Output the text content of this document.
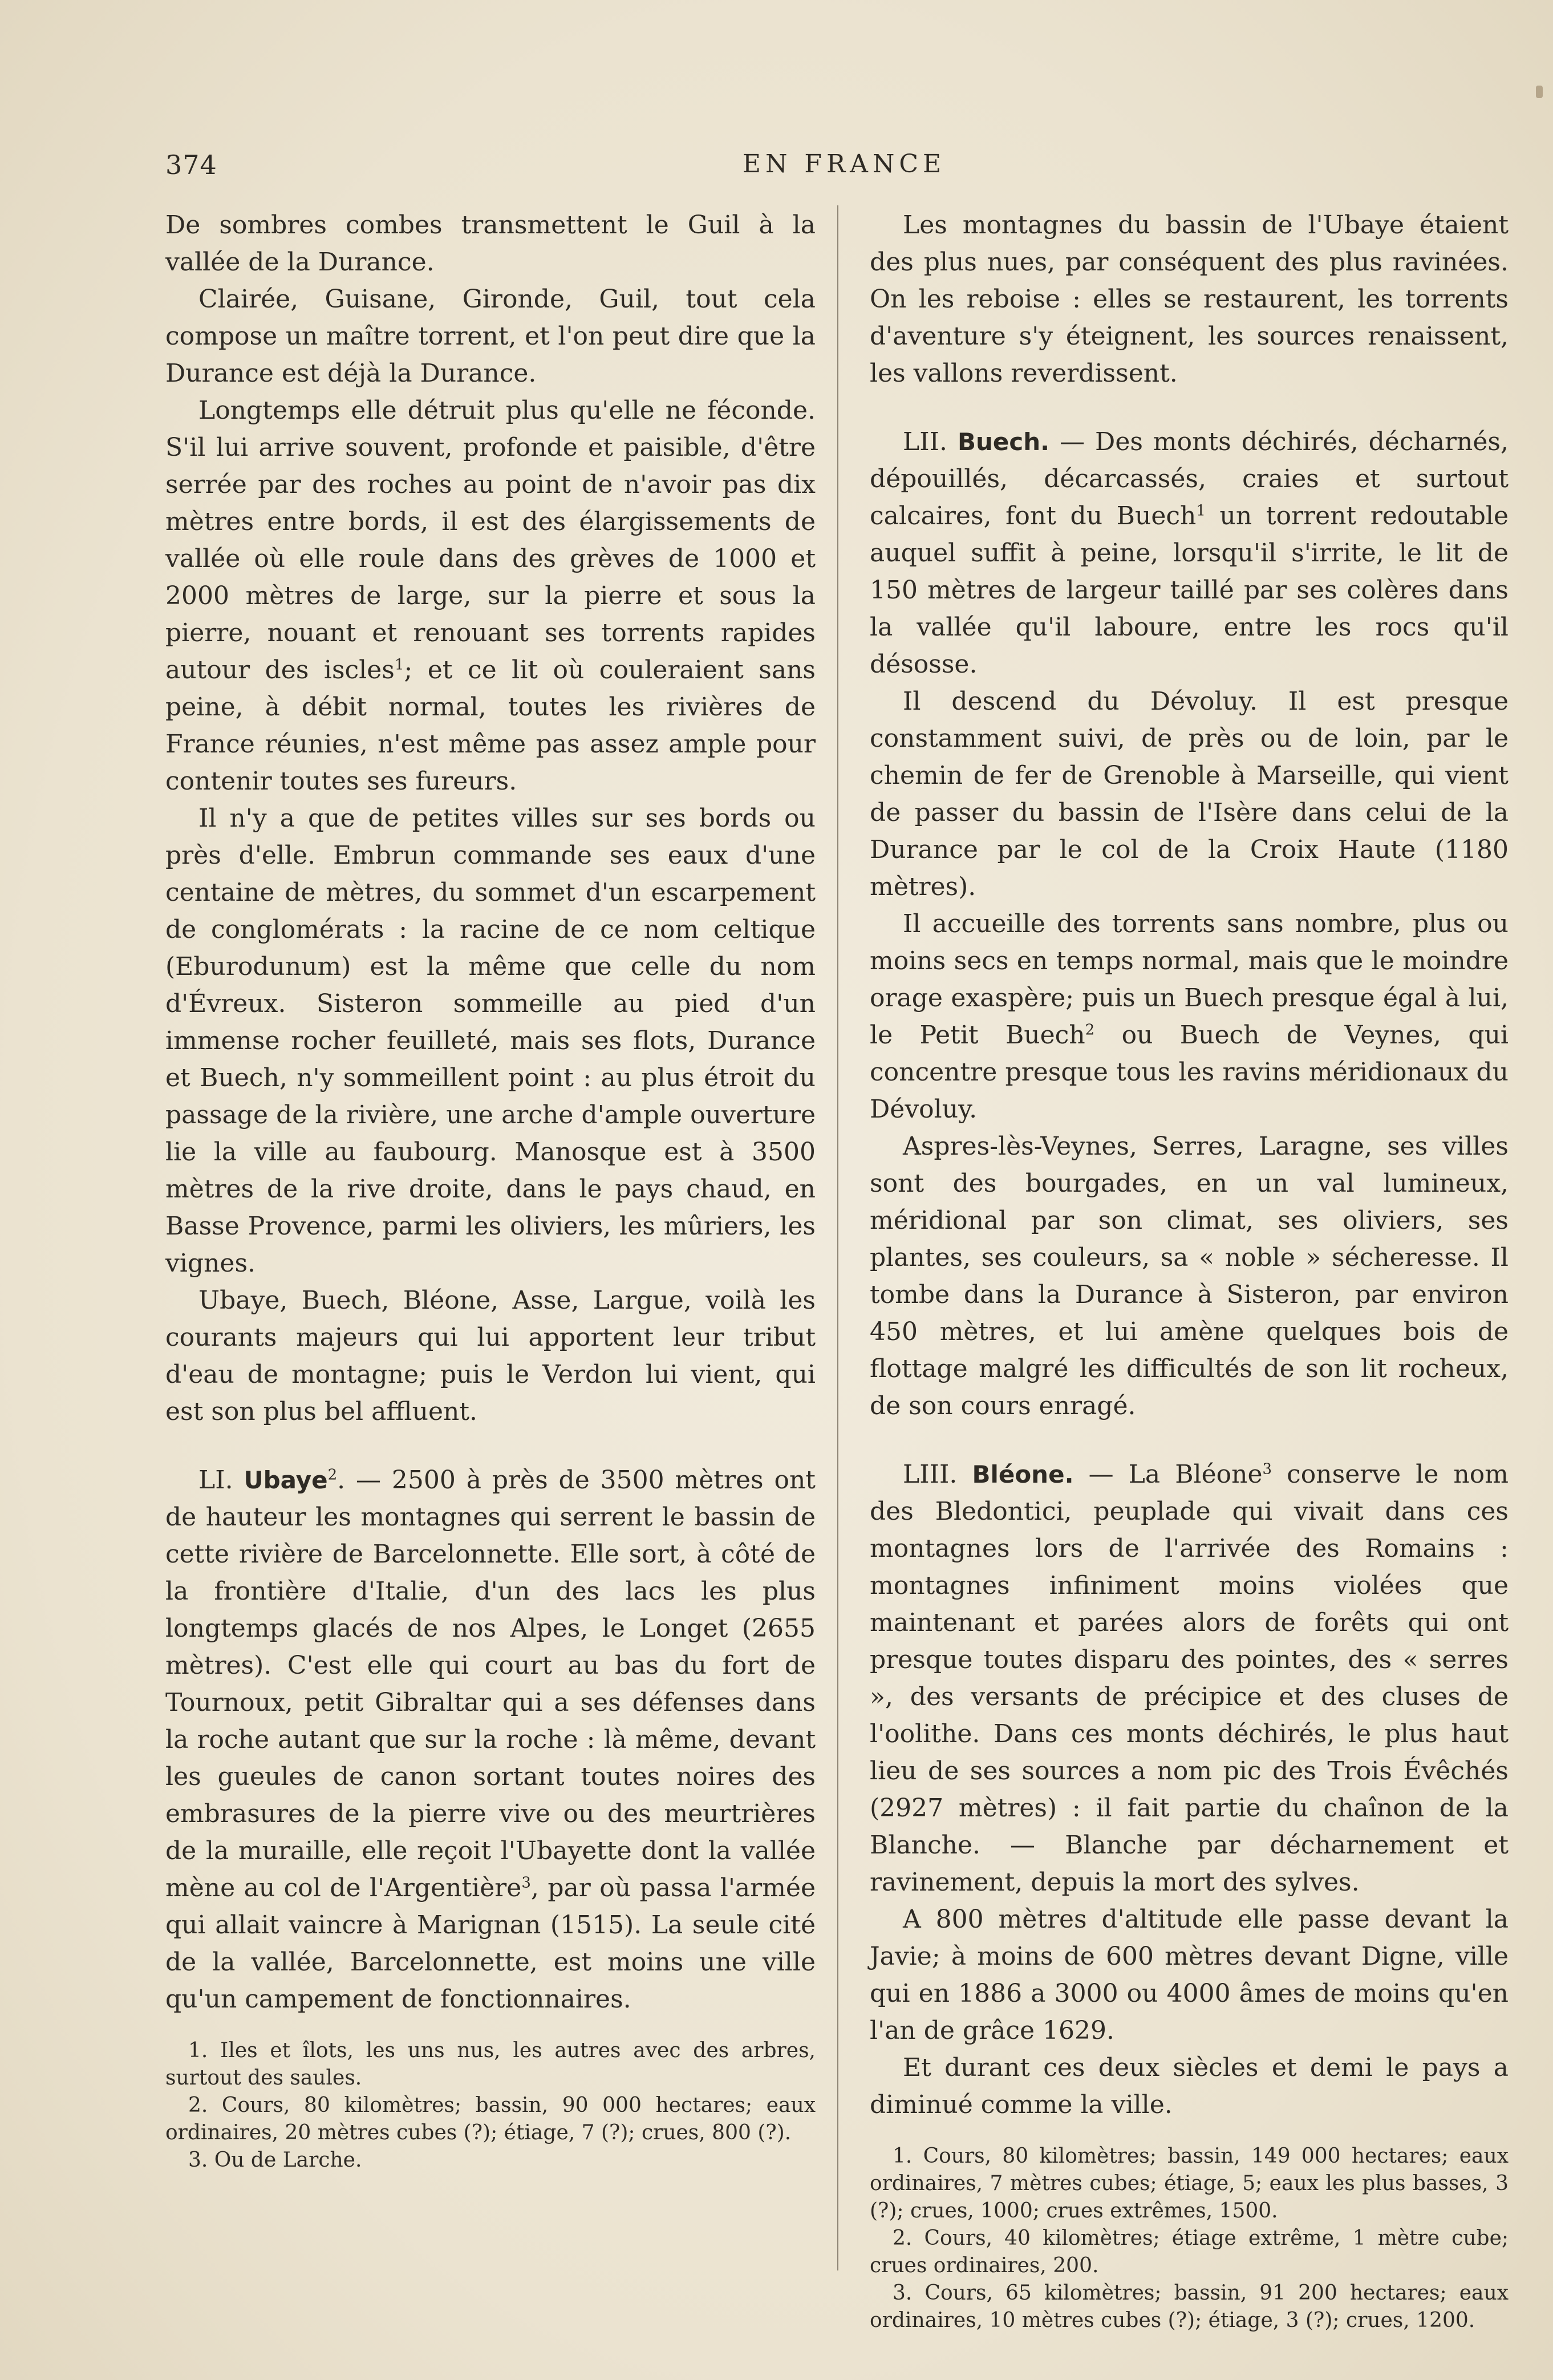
374	EN FRANCE

De sombres combes transmettent le Guil à la vallée de la Durance.

Clairée, Guisane, Gironde, Guil, tout cela compose un maître torrent, et l'on peut dire que la Durance est déjà la Durance.

Longtemps elle détruit plus qu'elle ne féconde. S'il lui arrive souvent, profonde et paisible, d'être serrée par des roches au point de n'avoir pas dix mètres entre bords, il est des élargissements de vallée où elle roule dans des grèves de 1000 et 2000 mètres de large, sur la pierre et sous la pierre, nouant et renouant ses torrents rapides autour des iscles$^1$; et ce lit où couleraient sans peine, à débit normal, toutes les rivières de France réunies, n'est même pas assez ample pour contenir toutes ses fureurs.

Il n'y a que de petites villes sur ses bords ou près d'elle. Embrun commande ses eaux d'une centaine de mètres, du sommet d'un escarpement de conglomérats : la racine de ce nom celtique (Eburodunum) est la même que celle du nom d'Évreux. Sisteron sommeille au pied d'un immense rocher feuilleté, mais ses flots, Durance et Buech, n'y sommeillent point : au plus étroit du passage de la rivière, une arche d'ample ouverture lie la ville au faubourg. Manosque est à 3500 mètres de la rive droite, dans le pays chaud, en Basse Provence, parmi les oliviers, les mûriers, les vignes.

Ubaye, Buech, Bléone, Asse, Largue, voilà les courants majeurs qui lui apportent leur tribut d'eau de montagne; puis le Verdon lui vient, qui est son plus bel affluent.

LI. Ubaye$^2$. — 2500 à près de 3500 mètres ont de hauteur les montagnes qui serrent le bassin de cette rivière de Barcelonnette. Elle sort, à côté de la frontière d'Italie, d'un des lacs les plus longtemps glacés de nos Alpes, le Longet (2655 mètres). C'est elle qui court au bas du fort de Tournoux, petit Gibraltar qui a ses défenses dans la roche autant que sur la roche : là même, devant les gueules de canon sortant toutes noires des embrasures de la pierre vive ou des meurtrières de la muraille, elle reçoit l'Ubayette dont la vallée mène au col de l'Argentière$^3$, par où passa l'armée qui allait vaincre à Marignan (1515). La seule cité de la vallée, Barcelonnette, est moins une ville qu'un campement de fonctionnaires.

1. Iles et îlots, les uns nus, les autres avec des arbres, surtout des saules.

2. Cours, 80 kilomètres; bassin, 90 000 hectares; eaux ordinaires, 20 mètres cubes (?); étiage, 7 (?); crues, 800 (?).

3. Ou de Larche.

Les montagnes du bassin de l'Ubaye étaient des plus nues, par conséquent des plus ravinées. On les reboise : elles se restaurent, les torrents d'aventure s'y éteignent, les sources renaissent, les vallons reverdissent.

LII. Buech. — Des monts déchirés, décharnés, dépouillés, décarcassés, craies et surtout calcaires, font du Buech$^1$ un torrent redoutable auquel suffit à peine, lorsqu'il s'irrite, le lit de 150 mètres de largeur taillé par ses colères dans la vallée qu'il laboure, entre les rocs qu'il désosse.

Il descend du Dévoluy. Il est presque constamment suivi, de près ou de loin, par le chemin de fer de Grenoble à Marseille, qui vient de passer du bassin de l'Isère dans celui de la Durance par le col de la Croix Haute (1180 mètres).

Il accueille des torrents sans nombre, plus ou moins secs en temps normal, mais que le moindre orage exaspère; puis un Buech presque égal à lui, le Petit Buech$^2$ ou Buech de Veynes, qui concentre presque tous les ravins méridionaux du Dévoluy.

Aspres-lès-Veynes, Serres, Laragne, ses villes sont des bourgades, en un val lumineux, méridional par son climat, ses oliviers, ses plantes, ses couleurs, sa « noble » sécheresse. Il tombe dans la Durance à Sisteron, par environ 450 mètres, et lui amène quelques bois de flottage malgré les difficultés de son lit rocheux, de son cours enragé.

LIII. Bléone. — La Bléone$^3$ conserve le nom des Bledontici, peuplade qui vivait dans ces montagnes lors de l'arrivée des Romains : montagnes infiniment moins violées que maintenant et parées alors de forêts qui ont presque toutes disparu des pointes, des « serres », des versants de précipice et des cluses de l'oolithe. Dans ces monts déchirés, le plus haut lieu de ses sources a nom pic des Trois Évêchés (2927 mètres) : il fait partie du chaînon de la Blanche. — Blanche par décharnement et ravinement, depuis la mort des sylves.

A 800 mètres d'altitude elle passe devant la Javie; à moins de 600 mètres devant Digne, ville qui en 1886 a 3000 ou 4000 âmes de moins qu'en l'an de grâce 1629.

Et durant ces deux siècles et demi le pays a diminué comme la ville.

1. Cours, 80 kilomètres; bassin, 149 000 hectares; eaux ordinaires, 7 mètres cubes; étiage, 5; eaux les plus basses, 3 (?); crues, 1000; crues extrêmes, 1500.

2. Cours, 40 kilomètres; étiage extrême, 1 mètre cube; crues ordinaires, 200.

3. Cours, 65 kilomètres; bassin, 91 200 hectares; eaux ordinaires, 10 mètres cubes (?); étiage, 3 (?); crues, 1200.
